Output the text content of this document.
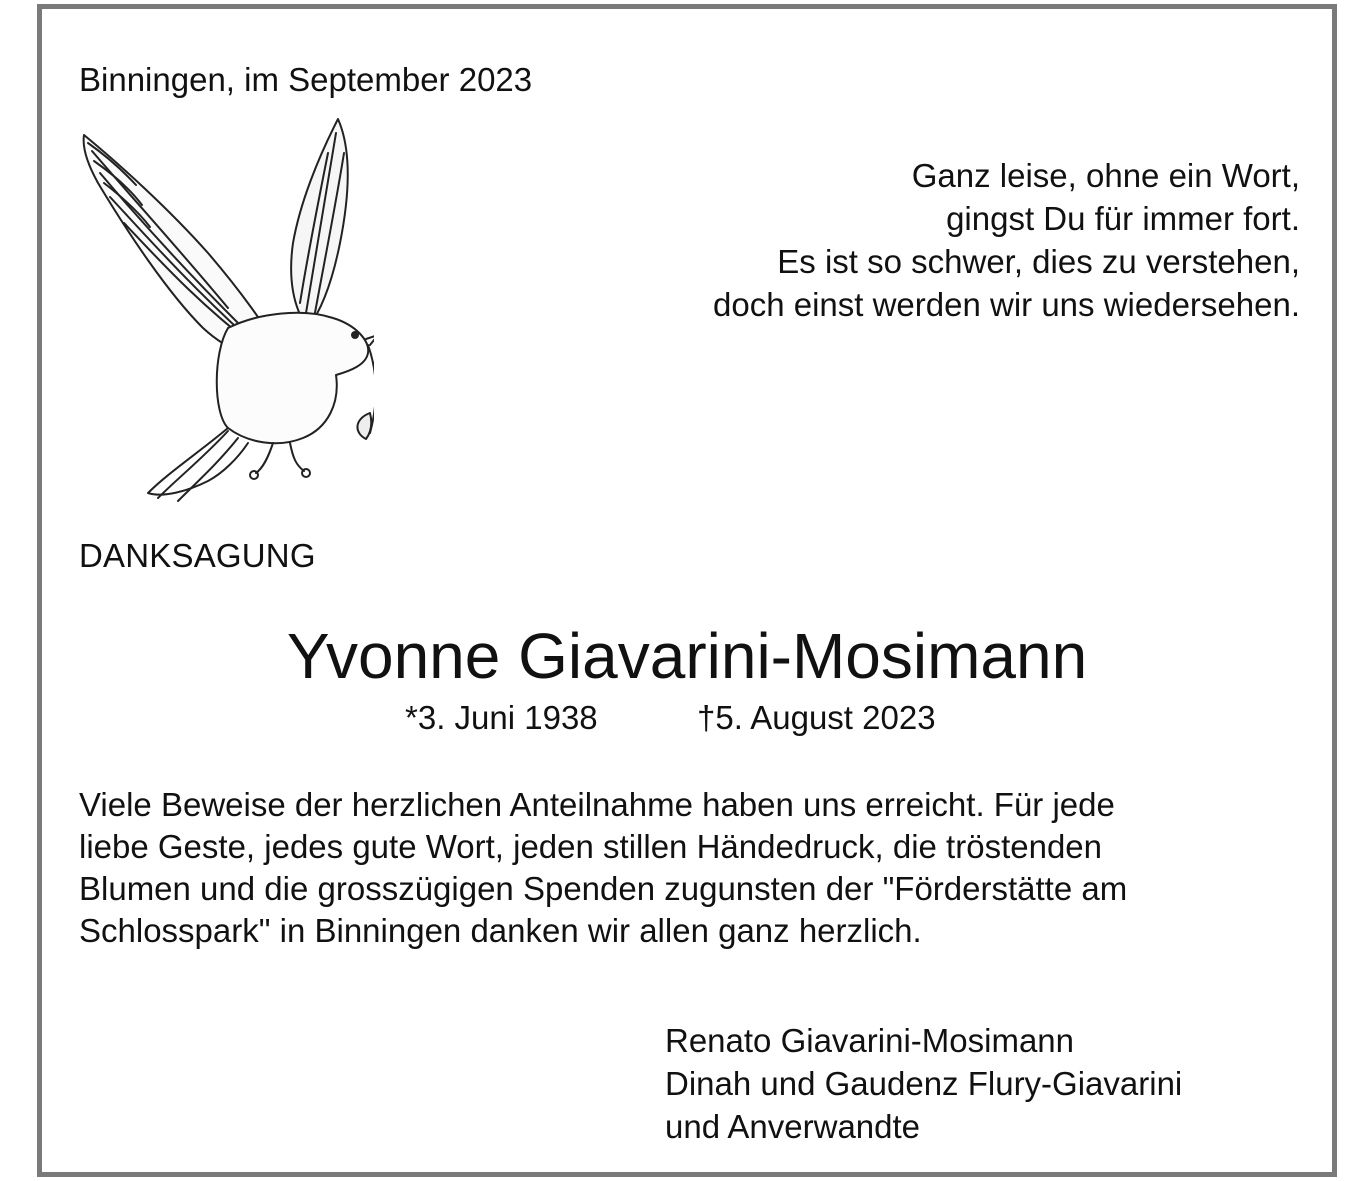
Binningen, im September 2023

Ganz leise, ohne ein Wort,
gingst Du für immer fort.
Es ist so schwer, dies zu verstehen,
doch einst werden wir uns wiedersehen.

DANKSAGUNG

Yvonne Giavarini-Mosimann

*3. Juni 1938	†5. August 2023

Viele Beweise der herzlichen Anteilnahme haben uns erreicht. Für jede
liebe Geste, jedes gute Wort, jeden stillen Händedruck, die tröstenden
Blumen und die grosszügigen Spenden zugunsten der "Förderstätte am
Schlosspark" in Binningen danken wir allen ganz herzlich.
Renato Giavarini-Mosimann
Dinah und Gaudenz Flury-Giavarini
und Anverwandte
